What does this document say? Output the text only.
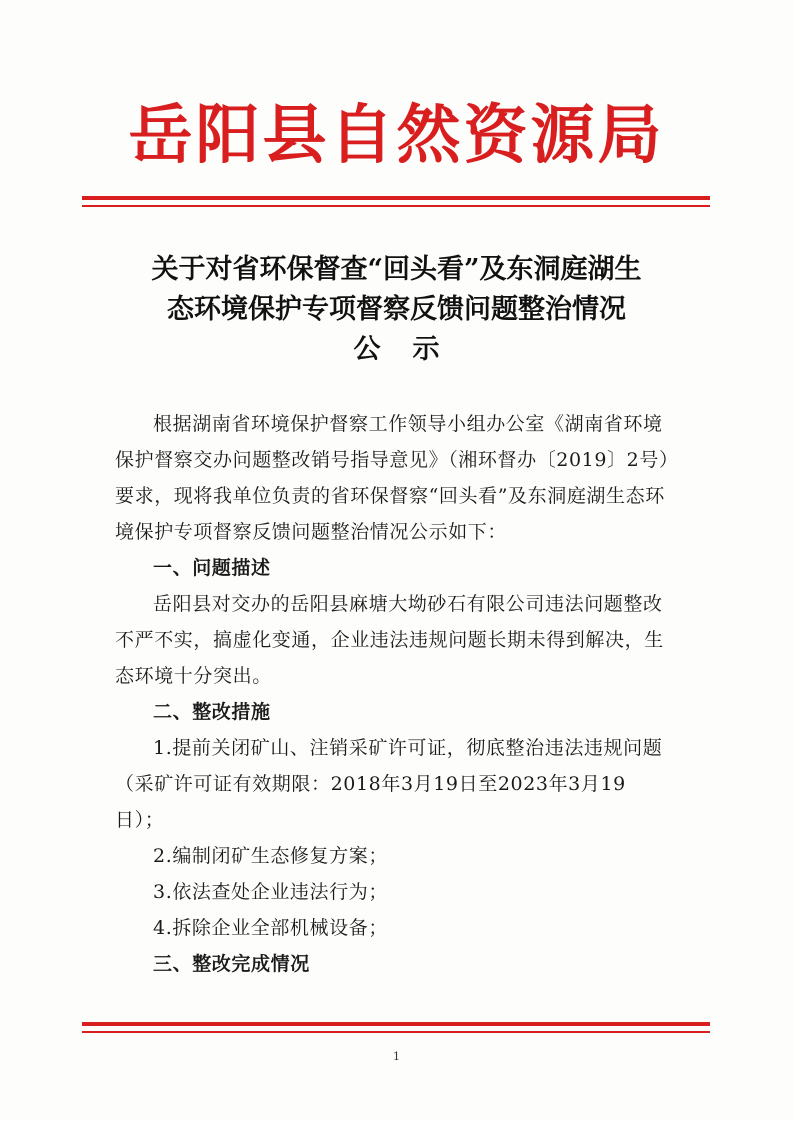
岳阳县自然资源局
关于对省环保督查“回头看”及东洞庭湖生
态环境保护专项督察反馈问题整治情况
公示

根据湖南省环境保护督察工作领导小组办公室《湖南省环境保护督察交办问题整改销号指导意见》（湘环督办〔2019〕2号）要求，现将我单位负责的省环保督察“回头看”及东洞庭湖生态环境保护专项督察反馈问题整治情况公示如下：

一、问题描述

岳阳县对交办的岳阳县麻塘大坳砂石有限公司违法问题整改不严不实，搞虚化变通，企业违法违规问题长期未得到解决，生态环境十分突出。

二、整改措施

1.提前关闭矿山、注销采矿许可证，彻底整治违法违规问题（采矿许可证有效期限：2018年3月19日至2023年3月19日）；

2.编制闭矿生态修复方案；

3.依法查处企业违法行为；

4.拆除企业全部机械设备；

三、整改完成情况

1
